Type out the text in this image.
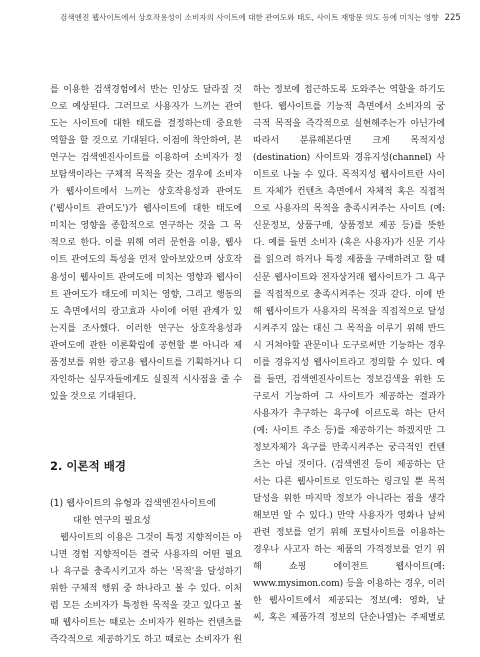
검색엔진 웹사이트에서 상호작용성이 소비자의 사이트에 대한 관여도와 태도, 사이트 재방문 의도 등에 미치는 영향 225
를 이용한 검색경험에서 반는 인상도 달라질 것
으로 예상된다. 그러므로 사용자가 느끼는 관여
도는 사이트에 대한 태도를 결정하는데 중요한
역할을 할 것으로 기대된다. 이점에 착안하여, 본
연구는 검색엔진사이트를 이용하여 소비자가 정
보탐색이라는 구체적 목적을 갖는 경우에 소비자
가 웹사이트에서 느끼는 상호작용성과 관여도
('웹사이트 관여도')가 웹사이트에 대한 태도에
미치는 영향을 종합적으로 연구하는 것을 그 목
적으로 한다. 이를 위해 여러 문헌을 이용, 웹사
이트 관여도의 특성을 먼저 알아보았으며 상호작
용성이 웹사이트 관여도에 미치는 영향과 웹사이
트 관여도가 태도에 미치는 영향, 그리고 행동의
도 측면에서의 광고효과 사이에 어떤 관계가 있
는지를 조사했다. 이러한 연구는 상호작용성과
관여도에 관한 이론확립에 공헌할 뿐 아니라 제
품정보를 위한 광고용 웹사이트를 기획하거나 디
자인하는 실무자들에게도 실질적 시사점을 줄 수
있을 것으로 기대된다.
2. 이론적 배경
(1) 웹사이트의 유형과 검색엔진사이트에
대한 연구의 필요성
웹사이트의 이용은 그것이 특정 지향적이든 아
니면 경험 지향적이든 결국 사용자의 어떤 필요
나 욕구를 충족시키고자 하는 '목적'을 달성하기
위한 구체적 행위 중 하나라고 볼 수 있다. 이처
럼 모든 소비자가 특정한 목적을 갖고 있다고 볼
때 웹사이트는 때로는 소비자가 원하는 컨텐츠를
즉각적으로 제공하기도 하고 때로는 소비자가 원
하는 정보에 접근하도록 도와주는 역할을 하기도
한다. 웹사이트를 기능적 측면에서 소비자의 궁
극적 목적을 즉각적으로 실현해주는가 아닌가에
따라서 분류해본다면 크게 목적지성
(destination) 사이트와 경유지성(channel) 사
이트로 나눌 수 있다. 목적지성 웹사이트란 사이
트 자체가 컨텐츠 측면에서 자체적 혹은 직접적
으로 사용자의 목적을 충족시켜주는 사이트 (예:
신문정보, 상품구매, 상품정보 제공 등)를 뜻한
다. 예를 들면 소비자 (혹은 사용자)가 신문 기사
를 읽으려 하거나 특정 제품을 구매하려고 할 때
신문 웹사이트와 전자상거래 웹사이트가 그 욕구
를 직접적으로 충족시켜주는 것과 같다. 이에 반
해 웹사이트가 사용자의 목적을 직접적으로 달성
시켜주지 않는 대신 그 목적을 이루기 위해 반드
시 거쳐야할 관문이나 도구로써만 기능하는 경우
이를 경유지성 웹사이트라고 정의할 수 있다. 예
를 들면, 검색엔진사이트는 정보검색을 위한 도
구로서 기능하여 그 사이트가 제공하는 결과가
사용자가 추구하는 욕구에 이르도록 하는 단서
(예: 사이트 주소 등)를 제공하기는 하겠지만 그
정보자체가 욕구를 만족시켜주는 궁극적인 컨텐
츠는 아닐 것이다. (검색엔진 등이 제공하는 단
서는 다른 웹사이트로 인도하는 링크일 뿐 목적
달성을 위한 마지막 정보가 아니라는 점을 생각
해보면 알 수 있다.) 만약 사용자가 영화나 날씨
관련 정보를 얻기 위해 포털사이트를 이용하는
경우나 사고자 하는 제품의 가격정보를 얻기 위
해 쇼핑 에이전트 웹사이트(예:
www.mysimon.com) 등을 이용하는 경우, 이러
한 웹사이트에서 제공되는 정보(예: 영화, 날
씨, 혹은 제품가격 정보의 단순나열)는 주제별로
